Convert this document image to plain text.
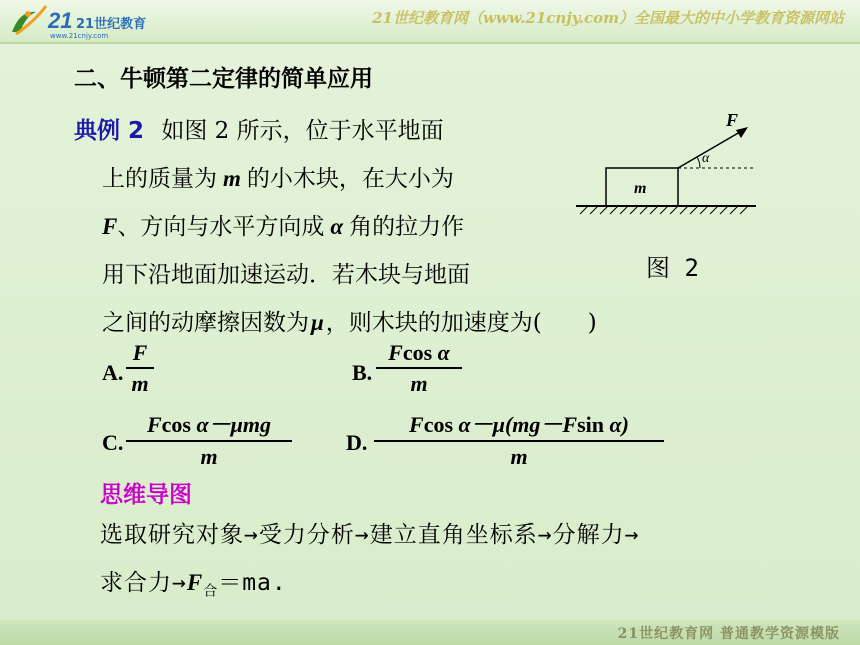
21 21世纪教育
www.21cnjy.com
21世纪教育网（www.21cnjy.com）全国最大的中小学教育资源网站
二、牛顿第二定律的简单应用
典例 2 如图 2 所示，位于水平地面
上的质量为 m 的小木块，在大小为
F、方向与水平方向成 α 角的拉力作
用下沿地面加速运动．若木块与地面
之间的动摩擦因数为μ，则木块的加速度为(　　)
m
F
α
图 2
A.
F
m	B.
Fcos α
m
C.
Fcos α－μmg
m
D.
Fcos α－μ(mg－Fsin α)
m
思维导图
选取研究对象→受力分析→建立直角坐标系→分解力→
求合力$\to F_合=ma$.
21世纪教育网 普通教学资源模版
